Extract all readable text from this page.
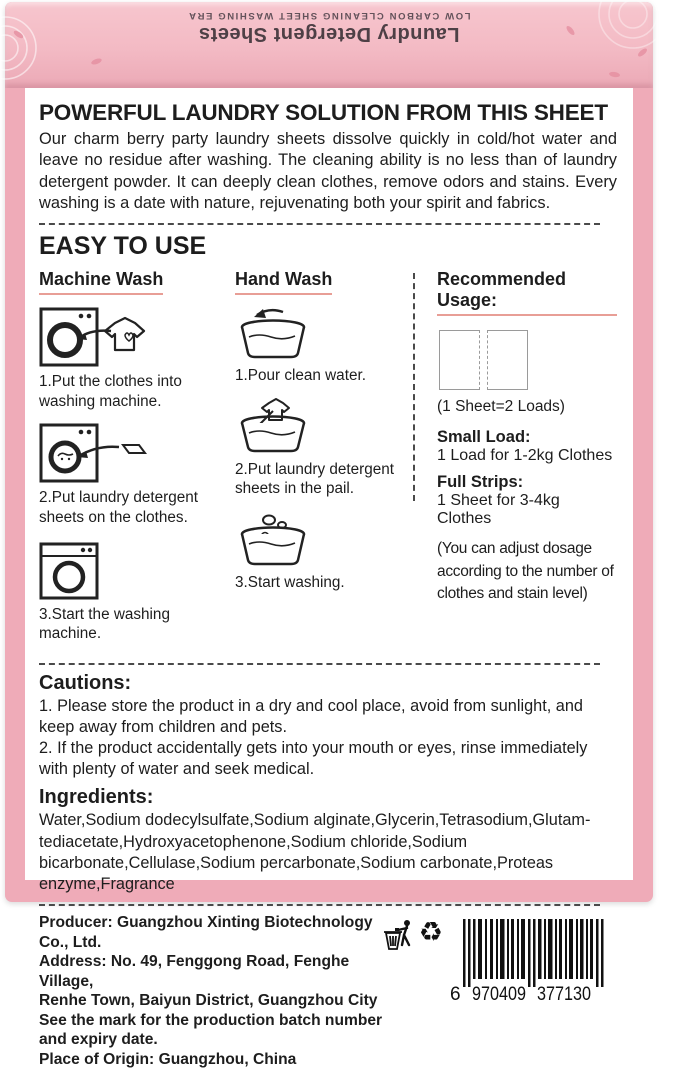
Laundry Detergent Sheets
LOW CARBON CLEANING SHEET WASHING ERA
POWERFUL LAUNDRY SOLUTION FROM THIS SHEET
Our charm berry party laundry sheets dissolve quickly in cold/hot water and leave no residue after washing. The cleaning ability is no less than of laundry detergent powder. It can deeply clean clothes, remove odors and stains. Every washing is a date with nature, rejuvenating both your spirit and fabrics.
EASY TO USE
Machine Wash
1.Put the clothes into washing machine.
2.Put laundry detergent sheets on the clothes.
3.Start the washing machine.
Hand Wash
1.Pour clean water.
2.Put laundry detergent sheets in the pail.
3.Start washing.
Recommended Usage:
(1 Sheet=2 Loads)
Small Load:
1 Load for 1-2kg Clothes
Full Strips:
1 Sheet for 3-4kg Clothes
(You can adjust dosage according to the number of clothes and stain level)
Cautions:
1. Please store the product in a dry and cool place, avoid from sunlight, and keep away from children and pets.
2. If the product accidentally gets into your mouth or eyes, rinse immediately with plenty of water and seek medical.
Ingredients:
Water,Sodium dodecylsulfate,Sodium alginate,Glycerin,Tetrasodium,Glutam-tediacetate,Hydroxyacetophenone,Sodium chloride,Sodium bicarbonate,Cellulase,Sodium percarbonate,Sodium carbonate,Proteas enzyme,Fragrance
Producer: Guangzhou Xinting Biotechnology Co., Ltd.
Address: No. 49, Fenggong Road, Fenghe Village,
Renhe Town, Baiyun District, Guangzhou City
See the mark for the production batch number and expiry date.
Place of Origin: Guangzhou, China
♻
6 970409 377130
